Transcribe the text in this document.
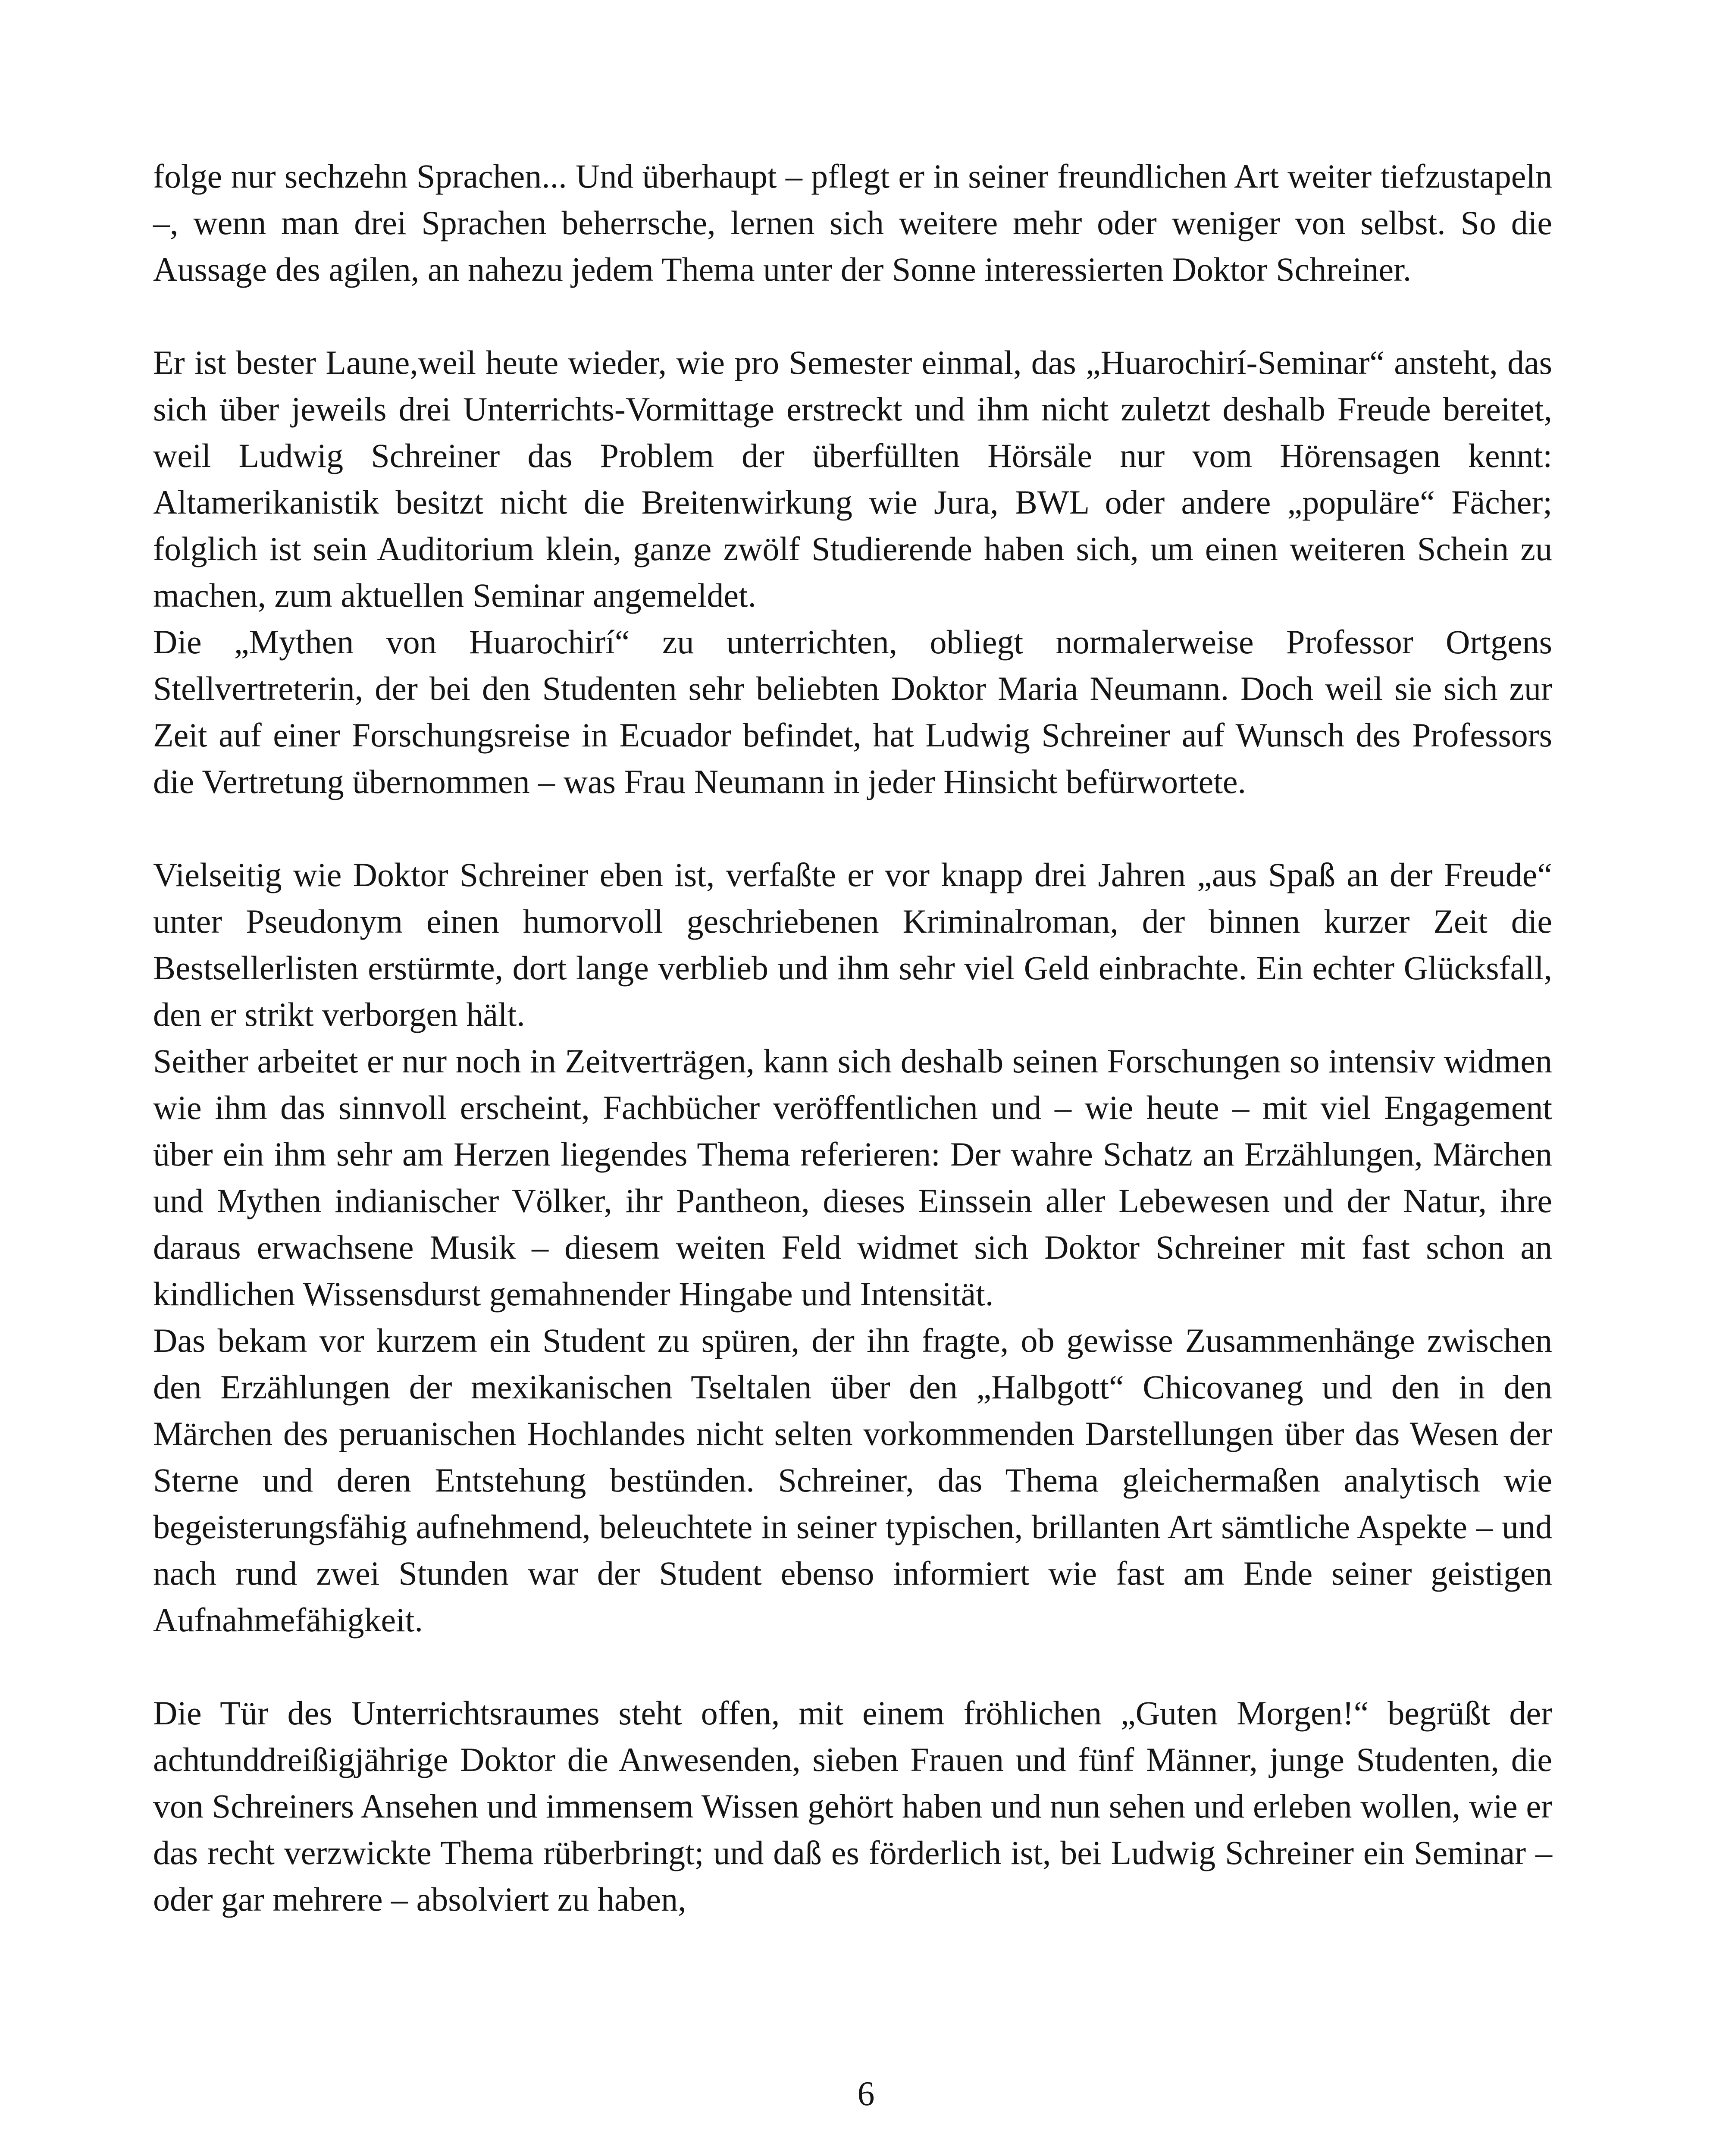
folge nur sechzehn Sprachen... Und überhaupt – pflegt er in seiner freundlichen Art weiter tiefzustapeln –, wenn man drei Sprachen beherrsche, lernen sich weitere mehr oder weniger von selbst. So die Aussage des agilen, an nahezu jedem Thema unter der Sonne interessierten Doktor Schreiner.

Er ist bester Laune,weil heute wieder, wie pro Semester einmal, das „Huarochirí-Seminar“ ansteht, das sich über jeweils drei Unterrichts-Vormittage erstreckt und ihm nicht zuletzt deshalb Freude bereitet, weil Ludwig Schreiner das Problem der überfüllten Hörsäle nur vom Hörensagen kennt: Altamerikanistik besitzt nicht die Breitenwirkung wie Jura, BWL oder andere „populäre“ Fächer; folglich ist sein Auditorium klein, ganze zwölf Studierende haben sich, um einen weiteren Schein zu machen, zum aktuellen Seminar angemeldet.

Die „Mythen von Huarochirí“ zu unterrichten, obliegt normalerweise Professor Ortgens Stellvertreterin, der bei den Studenten sehr beliebten Doktor Maria Neumann. Doch weil sie sich zur Zeit auf einer Forschungsreise in Ecuador befindet, hat Ludwig Schreiner auf Wunsch des Professors die Vertretung übernommen – was Frau Neumann in jeder Hinsicht befürwortete.

Vielseitig wie Doktor Schreiner eben ist, verfaßte er vor knapp drei Jahren „aus Spaß an der Freude“ unter Pseudonym einen humorvoll geschriebenen Kriminalroman, der binnen kurzer Zeit die Bestsellerlisten erstürmte, dort lange verblieb und ihm sehr viel Geld einbrachte. Ein echter Glücksfall, den er strikt verborgen hält.

Seither arbeitet er nur noch in Zeitverträgen, kann sich deshalb seinen Forschungen so intensiv widmen wie ihm das sinnvoll erscheint, Fachbücher veröffentlichen und – wie heute – mit viel Engagement über ein ihm sehr am Herzen liegendes Thema referieren: Der wahre Schatz an Erzählungen, Märchen und Mythen indianischer Völker, ihr Pantheon, dieses Einssein aller Lebewesen und der Natur, ihre daraus erwachsene Musik – diesem weiten Feld widmet sich Doktor Schreiner mit fast schon an kindlichen Wissensdurst gemahnender Hingabe und Intensität.

Das bekam vor kurzem ein Student zu spüren, der ihn fragte, ob gewisse Zusammenhänge zwischen den Erzählungen der mexikanischen Tseltalen über den „Halbgott“ Chicovaneg und den in den Märchen des peruanischen Hochlandes nicht selten vorkommenden Darstellungen über das Wesen der Sterne und deren Entstehung bestünden. Schreiner, das Thema gleichermaßen analytisch wie begeisterungsfähig aufnehmend, beleuchtete in seiner typischen, brillanten Art sämtliche Aspekte – und nach rund zwei Stunden war der Student ebenso informiert wie fast am Ende seiner geistigen Aufnahmefähigkeit.

Die Tür des Unterrichtsraumes steht offen, mit einem fröhlichen „Guten Morgen!“ begrüßt der achtunddreißigjährige Doktor die Anwesenden, sieben Frauen und fünf Männer, junge Studenten, die von Schreiners Ansehen und immensem Wissen gehört haben und nun sehen und erleben wollen, wie er das recht verzwickte Thema rüberbringt; und daß es förderlich ist, bei Ludwig Schreiner ein Seminar – oder gar mehrere – absolviert zu haben,

6
